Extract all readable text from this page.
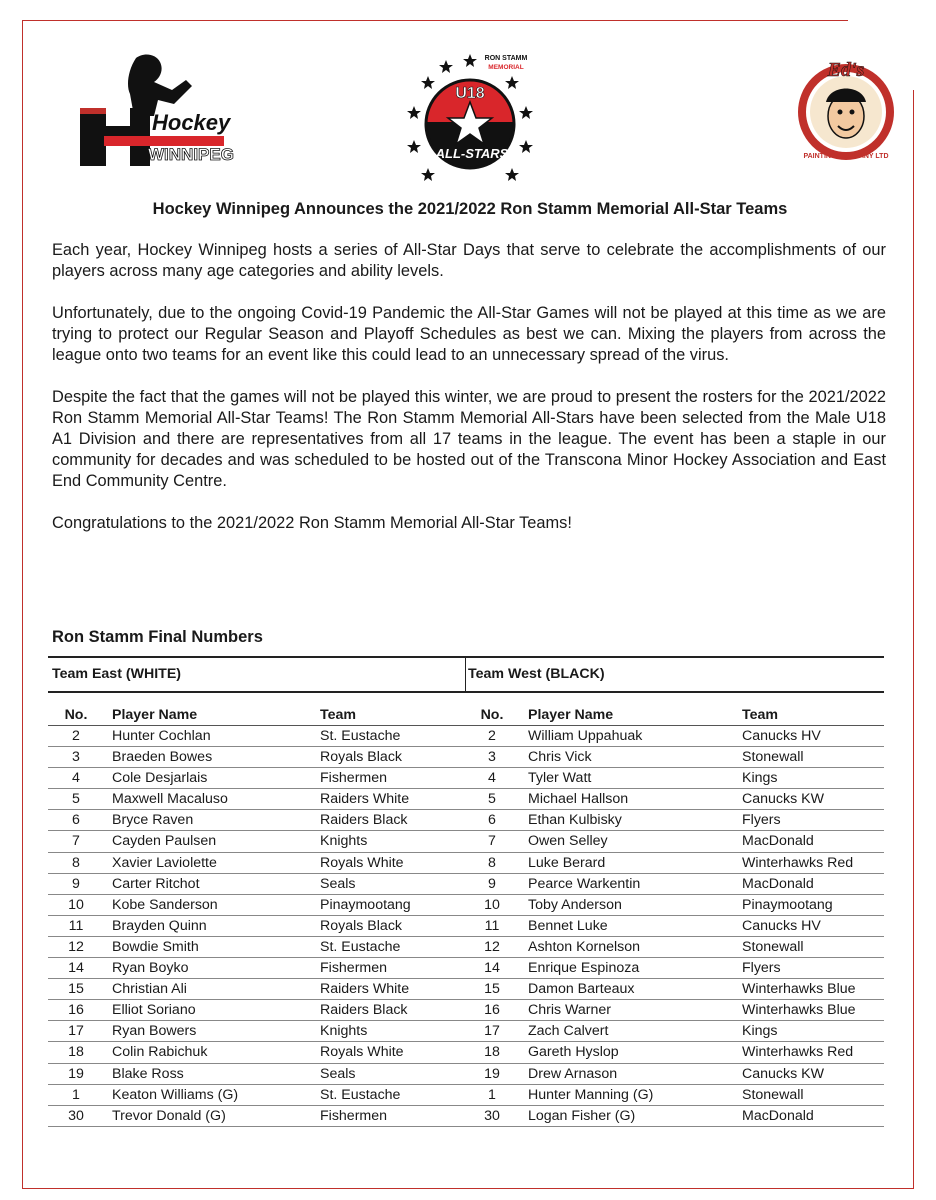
Hockey
WINNIPEG
U18
ALL-STARS
RON STAMM
MEMORIAL	Ed's
PAINTING COMPANY LTD
Hockey Winnipeg Announces the 2021/2022 Ron Stamm Memorial All-Star Teams

Each year, Hockey Winnipeg hosts a series of All-Star Days that serve to celebrate the accomplishments of our players across many age categories and ability levels.

Unfortunately, due to the ongoing Covid-19 Pandemic the All-Star Games will not be played at this time as we are trying to protect our Regular Season and Playoff Schedules as best we can. Mixing the players from across the league onto two teams for an event like this could lead to an unnecessary spread of the virus.

Despite the fact that the games will not be played this winter, we are proud to present the rosters for the 2021/2022 Ron Stamm Memorial All-Star Teams! The Ron Stamm Memorial All-Stars have been selected from the Male U18 A1 Division and there are representatives from all 17 teams in the league. The event has been a staple in our community for decades and was scheduled to be hosted out of the Transcona Minor Hockey Association and East End Community Centre.

Congratulations to the 2021/2022 Ron Stamm Memorial All-Star Teams!

Ron Stamm Final Numbers
Team East (WHITE)
No.	Player Name	Team
2	Hunter Cochlan	St. Eustache
3	Braeden Bowes	Royals Black
4	Cole Desjarlais	Fishermen
5	Maxwell Macaluso	Raiders White
6	Bryce Raven	Raiders Black
7	Cayden Paulsen	Knights
8	Xavier Laviolette	Royals White
9	Carter Ritchot	Seals
10	Kobe Sanderson	Pinaymootang
11	Brayden Quinn	Royals Black
12	Bowdie Smith	St. Eustache
14	Ryan Boyko	Fishermen
15	Christian Ali	Raiders White
16	Elliot Soriano	Raiders Black
17	Ryan Bowers	Knights
18	Colin Rabichuk	Royals White
19	Blake Ross	Seals
1	Keaton Williams (G)	St. Eustache
30	Trevor Donald (G)	Fishermen
Team West (BLACK)
No.	Player Name	Team
2	William Uppahuak	Canucks HV
3	Chris Vick	Stonewall
4	Tyler Watt	Kings
5	Michael Hallson	Canucks KW
6	Ethan Kulbisky	Flyers
7	Owen Selley	MacDonald
8	Luke Berard	Winterhawks Red
9	Pearce Warkentin	MacDonald
10	Toby Anderson	Pinaymootang
11	Bennet Luke	Canucks HV
12	Ashton Kornelson	Stonewall
14	Enrique Espinoza	Flyers
15	Damon Barteaux	Winterhawks Blue
16	Chris Warner	Winterhawks Blue
17	Zach Calvert	Kings
18	Gareth Hyslop	Winterhawks Red
19	Drew Arnason	Canucks KW
1	Hunter Manning (G)	Stonewall
30	Logan Fisher (G)	MacDonald
